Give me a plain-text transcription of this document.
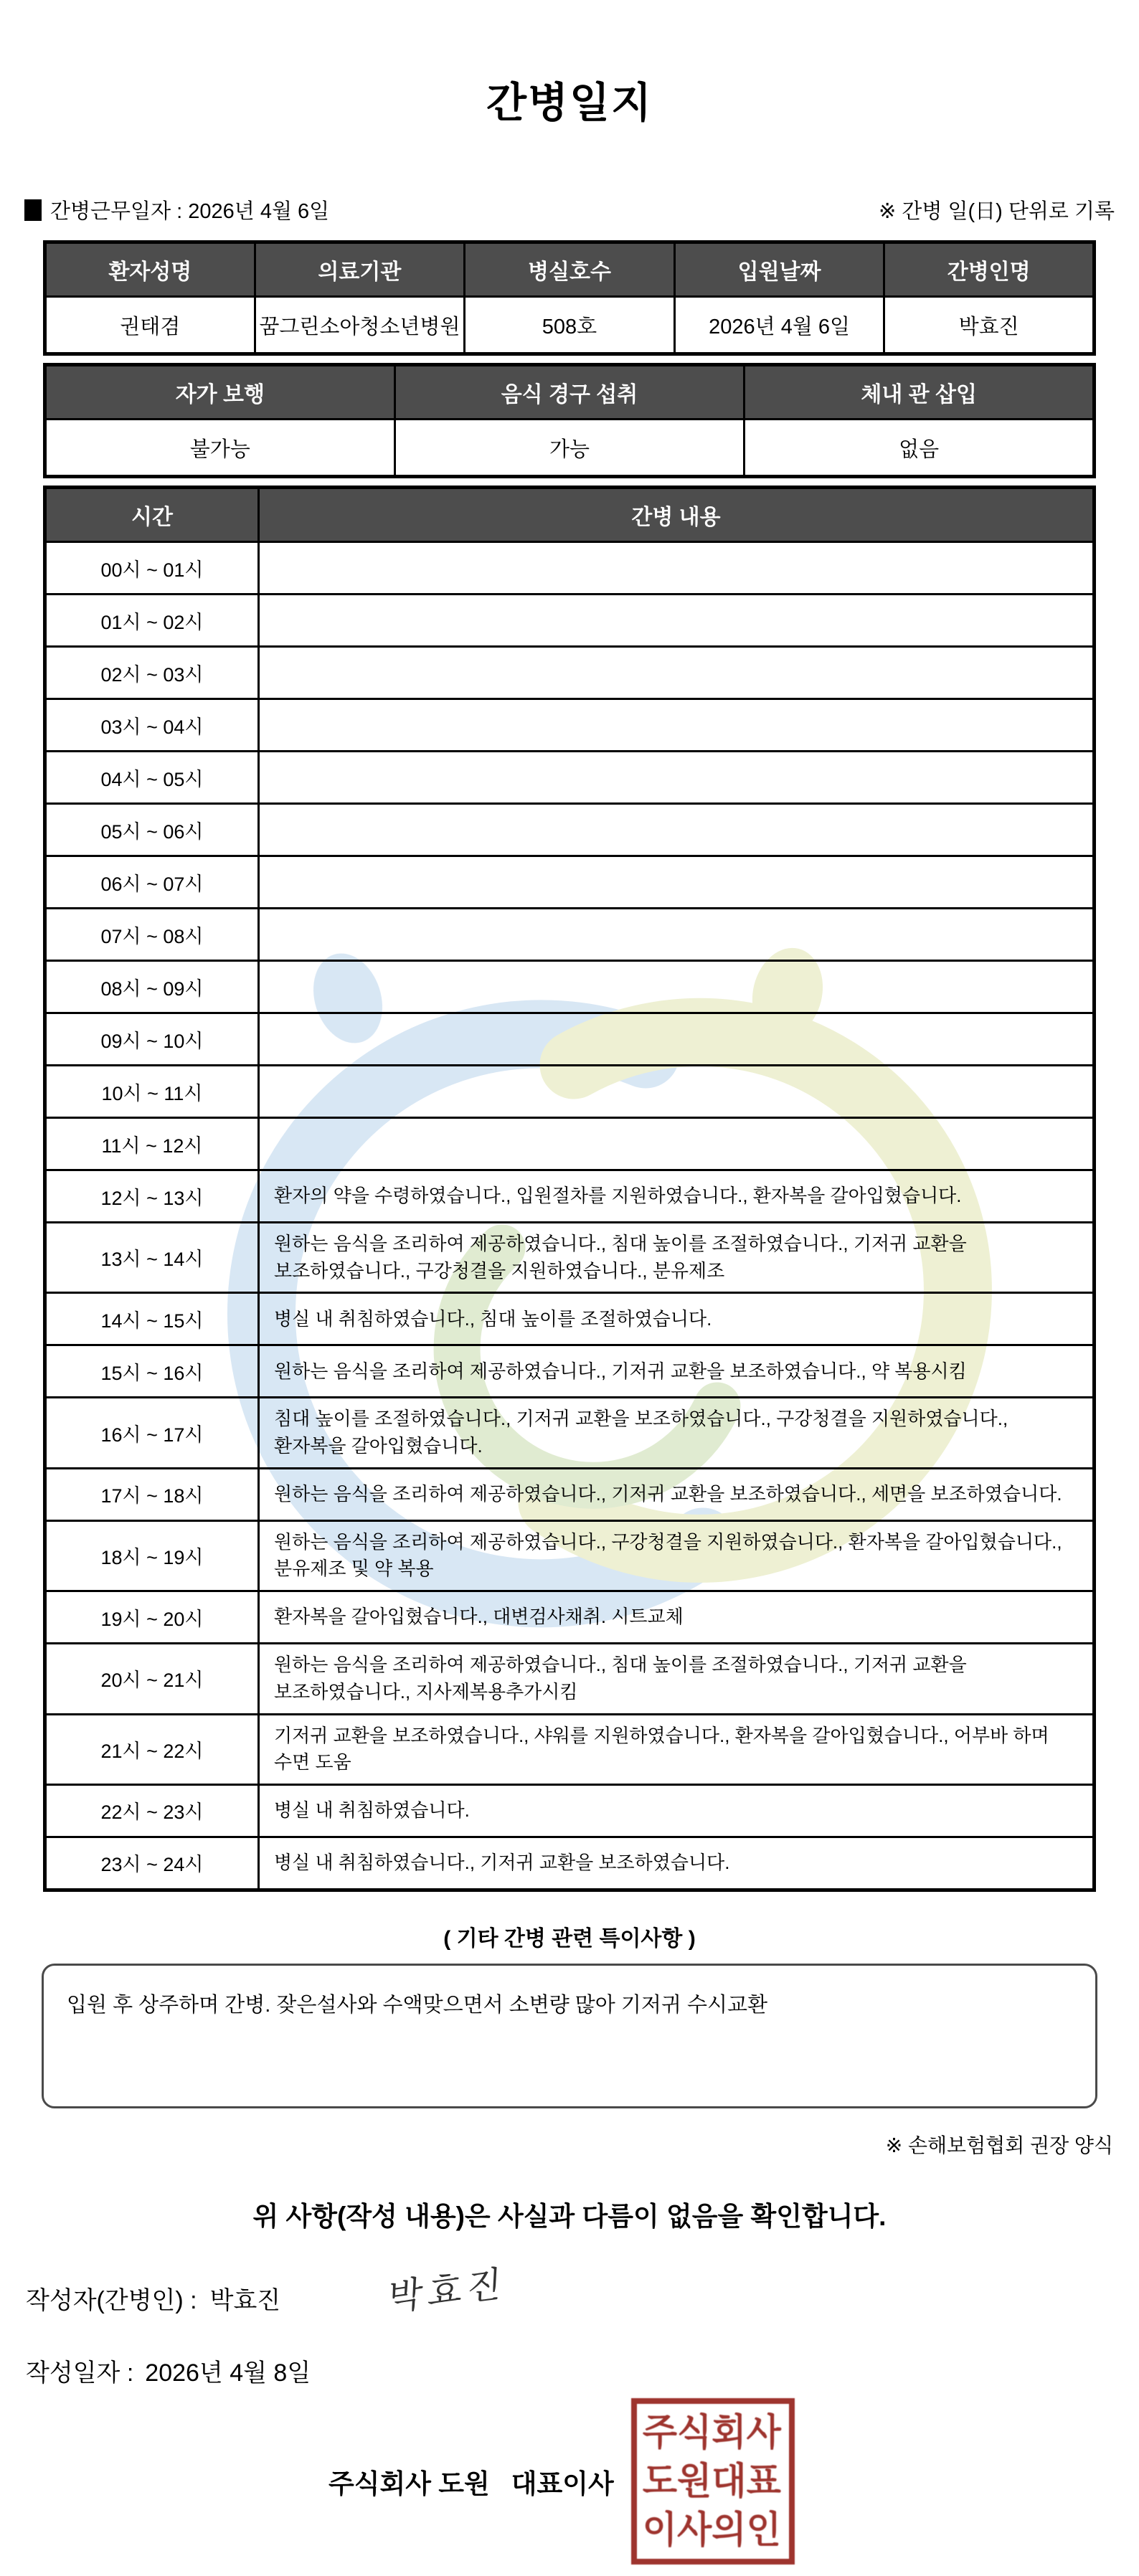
간병일지
간병근무일자 : 2026년 4월 6일	※ 간병 일(日) 단위로 기록
환자성명	의료기관	병실호수	입원날짜	간병인명
권태겸	꿈그린소아청소년병원	508호	2026년 4월 6일	박효진
자가 보행	음식 경구 섭취	체내 관 삽입
불가능	가능	없음
시간	간병 내용
00시 ~ 01시	
01시 ~ 02시	
02시 ~ 03시	
03시 ~ 04시	
04시 ~ 05시	
05시 ~ 06시	
06시 ~ 07시	
07시 ~ 08시	
08시 ~ 09시	
09시 ~ 10시	
10시 ~ 11시	
11시 ~ 12시	
12시 ~ 13시	환자의 약을 수령하였습니다., 입원절차를 지원하였습니다., 환자복을 갈아입혔습니다.
13시 ~ 14시	원하는 음식을 조리하여 제공하였습니다., 침대 높이를 조절하였습니다., 기저귀 교환을 보조하였습니다., 구강청결을 지원하였습니다., 분유제조
14시 ~ 15시	병실 내 취침하였습니다., 침대 높이를 조절하였습니다.
15시 ~ 16시	원하는 음식을 조리하여 제공하였습니다., 기저귀 교환을 보조하였습니다., 약 복용시킴
16시 ~ 17시	침대 높이를 조절하였습니다., 기저귀 교환을 보조하였습니다., 구강청결을 지원하였습니다., 환자복을 갈아입혔습니다.
17시 ~ 18시	원하는 음식을 조리하여 제공하였습니다., 기저귀 교환을 보조하였습니다., 세면을 보조하였습니다.
18시 ~ 19시	원하는 음식을 조리하여 제공하였습니다., 구강청결을 지원하였습니다., 환자복을 갈아입혔습니다., 분유제조 및 약 복용
19시 ~ 20시	환자복을 갈아입혔습니다., 대변검사채취. 시트교체
20시 ~ 21시	원하는 음식을 조리하여 제공하였습니다., 침대 높이를 조절하였습니다., 기저귀 교환을 보조하였습니다., 지사제복용추가시킴
21시 ~ 22시	기저귀 교환을 보조하였습니다., 샤워를 지원하였습니다., 환자복을 갈아입혔습니다., 어부바 하며 수면 도움
22시 ~ 23시	병실 내 취침하였습니다.
23시 ~ 24시	병실 내 취침하였습니다., 기저귀 교환을 보조하였습니다.
( 기타 간병 관련 특이사항 )
입원 후 상주하며 간병. 잦은설사와 수액맞으면서 소변량 많아 기저귀 수시교환
※ 손해보험협회 권장 양식
위 사항(작성 내용)은 사실과 다름이 없음을 확인합니다.
작성자(간병인) : 박효진	박효진
작성일자 : 2026년 4월 8일
주식회사 도원 대표이사
주식회사
도원대표
이사의인
